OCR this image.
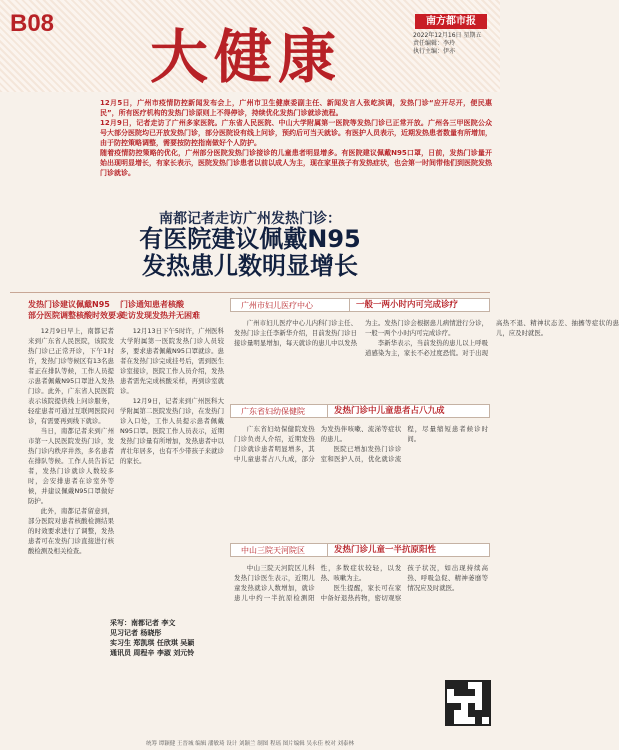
B08 大健康
南方都市报
2022年12月16日 星期五
责任编辑：李玲
执行主编：伊亦

12月5日，广州市疫情防控新闻发布会上，广州市卫生健康委副主任、新闻发言人张屹滨调，发热门诊“应开尽开，便民惠民”，所有医疗机构的发热门诊原则上不得停诊，持续优化发热门诊就诊流程。

12月9日，记者走访了广州多家医院。广东省人民医院、中山大学附属第一医院等发热门诊已正常开放。广州各三甲医院公众号大部分医院均已开放发热门诊，部分医院设有线上问诊，预约后可当天就诊。有医护人员表示，近期发热患者数量有所增加，由于防控策略调整，需要按防控指南做好个人防护。

随着疫情防控策略的优化，广州部分医院发热门诊接诊的儿童患者明显增多。有医院建议佩戴N95口罩，日前，发热门诊量开始出现明显增长，有家长表示，医院发热门诊患者以前以成人为主，现在家里孩子有发热症状，也会第一时间带他们到医院发热门诊就诊。

南都记者走访广州发热门诊：
有医院建议佩戴N95
发热患儿数明显增长
发热门诊建议佩戴N95
部分医院调整核酸时效要求

12月9日早上，南都记者来到广东省人民医院，该院发热门诊已正常开诊，下午1时许，发热门诊等候区有13名患者正在排队等候，工作人员提示患者佩戴N95口罩进入发热门诊。此外，广东省人民医院表示该院提供线上问诊服务，轻症患者可通过互联网医院问诊，有需要再到线下就诊。

当日，南都记者来到广州市第一人民医院发热门诊，发热门诊内秩序井然，多名患者在排队等候。工作人员告诉记者，发热门诊就诊人数较多时，会安排患者在诊室外等候，并建议佩戴N95口罩做好防护。

此外，南都记者留意到，部分医院对患者核酸检测结果的时效要求进行了调整，发热患者可在发热门诊直接进行核酸检测及相关检查。

门诊通知患者核酸
走访发现发热并无困难

12月13日下午5时许，广州医科大学附属第一医院发热门诊人员较多，要求患者佩戴N95口罩就诊。患者在发热门诊完成挂号后，需到医生诊室接诊，医院工作人员介绍，发热患者需先完成核酸采样，再到诊室就诊。

12月9日，记者来到广州医科大学附属第二医院发热门诊，在发热门诊入口处，工作人员提示患者佩戴N95口罩。医院工作人员表示，近期发热门诊量有所增加，发热患者中以青壮年居多，也有不少带孩子来就诊的家长。

采写：南都记者 李文
见习记者 杨晓彤
实习生 郑凯琪 任欣琪 吴颖
通讯员 周程辛 李淑 刘元铃
广州市妇儿医疗中心	一般一两小时内可完成诊疗

广州市妇儿医疗中心儿内科门诊主任、发热门诊主任李新华介绍，目前发热门诊日接诊量明显增加，每天就诊的患儿中以发热为主。发热门诊会根据患儿病情进行分诊，一般一两个小时内可完成诊疗。

李新华表示，当前发热的患儿以上呼吸道感染为主，家长不必过度恐慌。对于出现高热不退、精神状态差、抽搐等症状的患儿，应及时就医。

广东省妇幼保健院	发热门诊中儿童患者占八九成

广东省妇幼保健院发热门诊负责人介绍，近期发热门诊就诊患者明显增多，其中儿童患者占八九成，部分为发热伴咳嗽、流涕等症状的患儿。

医院已增加发热门诊诊室和医护人员，优化就诊流程，尽量缩短患者候诊时间。

中山三院天河院区	发热门诊儿童一半抗原阳性

中山三院天河院区儿科发热门诊医生表示，近期儿童发热就诊人数增加，就诊患儿中约一半抗原检测阳性，多数症状较轻，以发热、咳嗽为主。

医生提醒，家长可在家中备好退热药物，密切观察孩子状况，如出现持续高热、呼吸急促、精神萎靡等情况应及时就医。

统筹 谭颖健 王晋城 编辑 潘敏琦 设计 刘颖兰 制图 程瑶 图片编辑 吴永佳 校对 刘泰林
